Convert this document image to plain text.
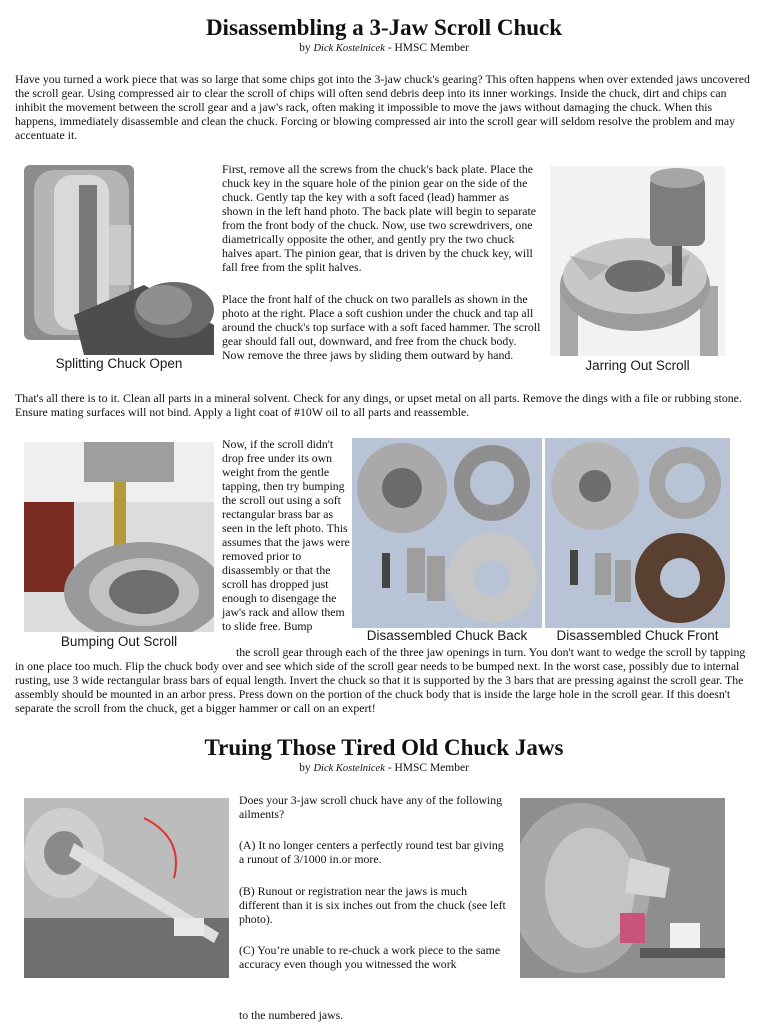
Disassembling a 3-Jaw Scroll Chuck
by Dick Kostelnicek - HMSC Member

Have you turned a work piece that was so large that some chips got into the 3-jaw chuck's gearing? This often happens when over extended jaws uncovered the scroll gear. Using compressed air to clear the scroll of chips will often send debris deep into its inner workings. Inside the chuck, dirt and chips can inhibit the movement between the scroll gear and a jaw's rack, often making it impossible to move the jaws without damaging the chuck. When this happens, immediately disassemble and clean the chuck. Forcing or blowing compressed air into the scroll gear will seldom resolve the problem and may accentuate it.

Splitting Chuck Open

First, remove all the screws from the chuck's back plate. Place the chuck key in the square hole of the pinion gear on the side of the chuck. Gently tap the key with a soft faced (lead) hammer as shown in the left hand photo. The back plate will begin to separate from the front body of the chuck. Now, use two screwdrivers, one diametrically opposite the other, and gently pry the two chuck halves apart. The pinion gear, that is driven by the chuck key, will fall free from the split halves.

Place the front half of the chuck on two parallels as shown in the photo at the right. Place a soft cushion under the chuck and tap all around the chuck's top surface with a soft faced hammer. The scroll gear should fall out, downward, and free from the chuck body. Now remove the three jaws by sliding them outward by hand.

Jarring Out Scroll

That's all there is to it. Clean all parts in a mineral solvent. Check for any dings, or upset metal on all parts. Remove the dings with a file or rubbing stone. Ensure mating surfaces will not bind. Apply a light coat of #10W oil to all parts and reassemble.

Bumping Out Scroll

Now, if the scroll didn't drop free under its own weight from the gentle tapping, then try bumping the scroll out using a soft rectangular brass bar as seen in the left photo. This assumes that the jaws were removed prior to disassembly or that the scroll has dropped just enough to disengage the jaw's rack and allow them to slide free. Bump

Disassembled Chuck Back	Disassembled Chuck Front

the scroll gear through each of the three jaw openings in turn. You don't want to wedge the scroll by tapping in one place too much. Flip the chuck body over and see which side of the scroll gear needs to be bumped next. In the worst case, possibly due to internal rusting, use 3 wide rectangular brass bars of equal length. Invert the chuck so that it is supported by the 3 bars that are pressing against the scroll gear. The assembly should be mounted in an arbor press. Press down on the portion of the chuck body that is inside the large hole in the scroll gear. If this doesn't separate the scroll from the chuck, get a bigger hammer or call on an expert!

Truing Those Tired Old Chuck Jaws
by Dick Kostelnicek - HMSC Member

Does your 3-jaw scroll chuck have any of the following ailments?

(A) It no longer centers a perfectly round test bar giving a runout of 3/1000 in.or more.

(B) Runout or registration near the jaws is much different than it is six inches out from the chuck (see left photo).

(C) You’re unable to re-chuck a work piece to the same accuracy even though you witnessed the work

to the numbered jaws.
